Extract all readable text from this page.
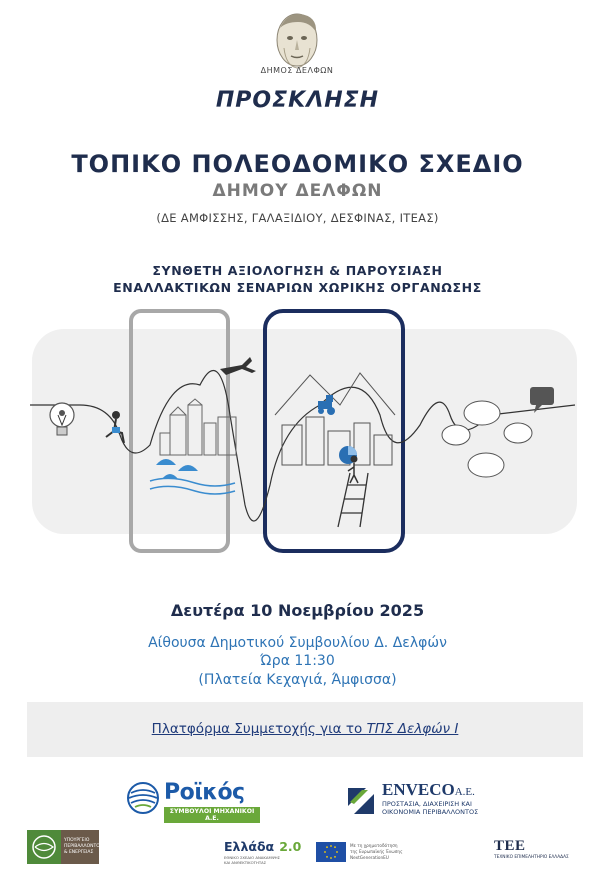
ΔΗΜΟΣ ΔΕΛΦΩΝ
ΠΡΟΣΚΛΗΣΗ
ΤΟΠΙΚΟ ΠΟΛΕΟΔΟΜΙΚΟ ΣΧΕΔΙΟ
ΔΗΜΟΥ ΔΕΛΦΩΝ
(ΔΕ ΑΜΦΙΣΣΗΣ, ΓΑΛΑΞΙΔΙΟΥ, ΔΕΣΦΙΝΑΣ, ΙΤΕΑΣ)
ΣΥΝΘΕΤΗ ΑΞΙΟΛΟΓΗΣΗ & ΠΑΡΟΥΣΙΑΣΗ
ΕΝΑΛΛΑΚΤΙΚΩΝ ΣΕΝΑΡΙΩΝ ΧΩΡΙΚΗΣ ΟΡΓΑΝΩΣΗΣ
Δευτέρα 10 Νοεμβρίου 2025
Αίθουσα Δημοτικού Συμβουλίου Δ. Δελφών
Ώρα 11:30
(Πλατεία Κεχαγιά, Άμφισσα)
Πλατφόρμα Συμμετοχής για το ΤΠΣ Δελφών Ι
Ροϊκός
ΣΥΜΒΟΥΛΟΙ ΜΗΧΑΝΙΚΟΙ Α.Ε.
ENVECOΑ.Ε.
ΠΡΟΣΤΑΣΙΑ, ΔΙΑΧΕΙΡΙΣΗ ΚΑΙ
ΟΙΚΟΝΟΜΙΑ ΠΕΡΙΒΑΛΛΟΝΤΟΣ
ΥΠΟΥΡΓΕΙΟ
ΠΕΡΙΒΑΛΛΟΝΤΟΣ
& ΕΝΕΡΓΕΙΑΣ	Ελλάδα 2.0
ΕΘΝΙΚΟ ΣΧΕΔΙΟ ΑΝΑΚΑΜΨΗΣ
ΚΑΙ ΑΝΘΕΚΤΙΚΟΤΗΤΑΣ
Με τη χρηματοδότηση
της Ευρωπαϊκής Ένωσης
NextGenerationEU
ΤΕΕ
ΤΕΧΝΙΚΟ ΕΠΙΜΕΛΗΤΗΡΙΟ ΕΛΛΑΔΑΣ
